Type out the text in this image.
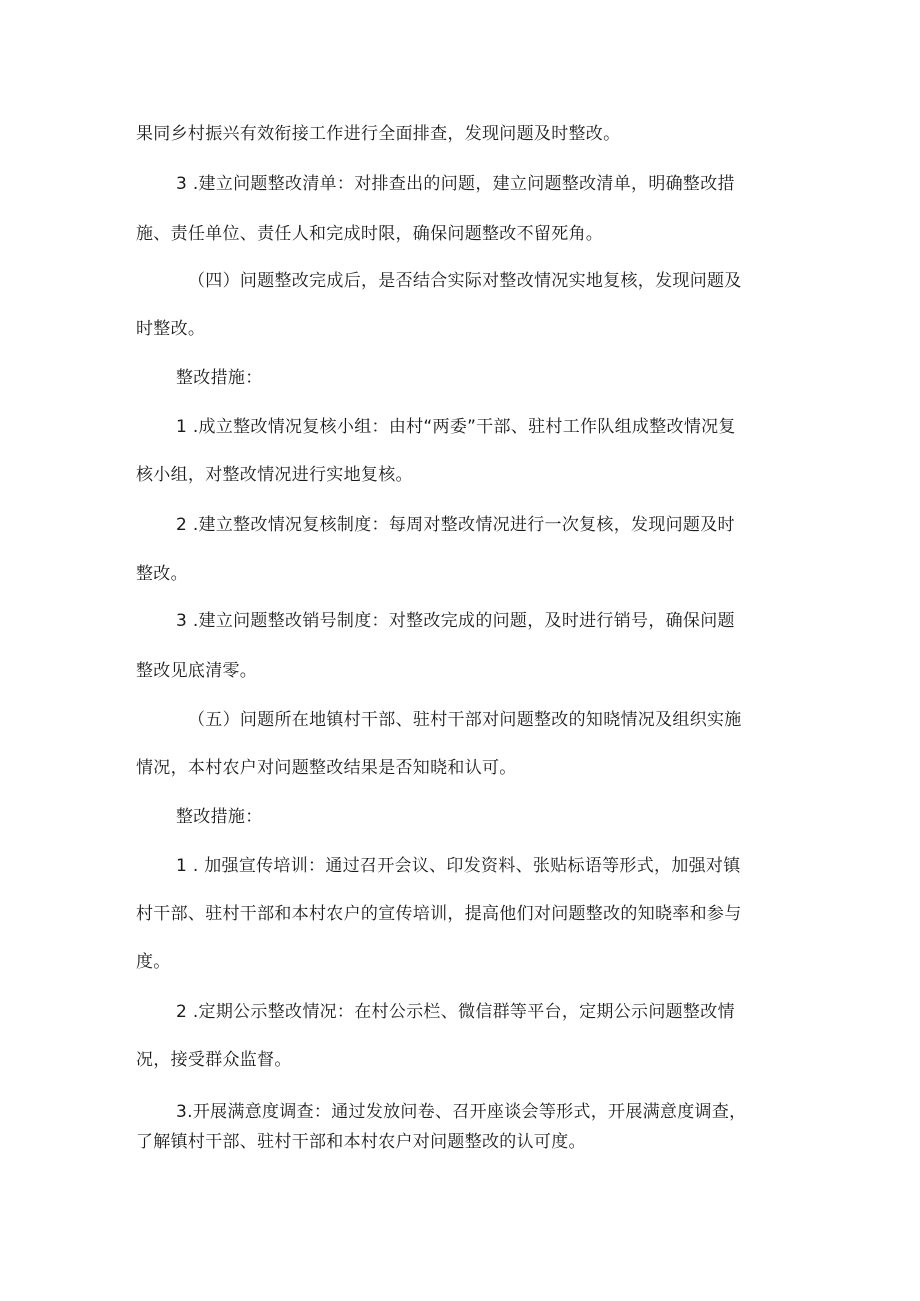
果同乡村振兴有效衔接工作进行全面排查，发现问题及时整改。
3 .建立问题整改清单：对排查出的问题，建立问题整改清单，明确整改措
施、责任单位、责任人和完成时限，确保问题整改不留死角。
（四）问题整改完成后，是否结合实际对整改情况实地复核，发现问题及
时整改。
整改措施：
1 .成立整改情况复核小组：由村“两委”干部、驻村工作队组成整改情况复
核小组，对整改情况进行实地复核。
2 .建立整改情况复核制度：每周对整改情况进行一次复核，发现问题及时
整改。
3 .建立问题整改销号制度：对整改完成的问题，及时进行销号，确保问题
整改见底清零。
（五）问题所在地镇村干部、驻村干部对问题整改的知晓情况及组织实施
情况，本村农户对问题整改结果是否知晓和认可。
整改措施：
1 . 加强宣传培训：通过召开会议、印发资料、张贴标语等形式，加强对镇
村干部、驻村干部和本村农户的宣传培训，提高他们对问题整改的知晓率和参与
度。
2 .定期公示整改情况：在村公示栏、微信群等平台，定期公示问题整改情
况，接受群众监督。
3.开展满意度调查：通过发放问卷、召开座谈会等形式，开展满意度调查，
了解镇村干部、驻村干部和本村农户对问题整改的认可度。
